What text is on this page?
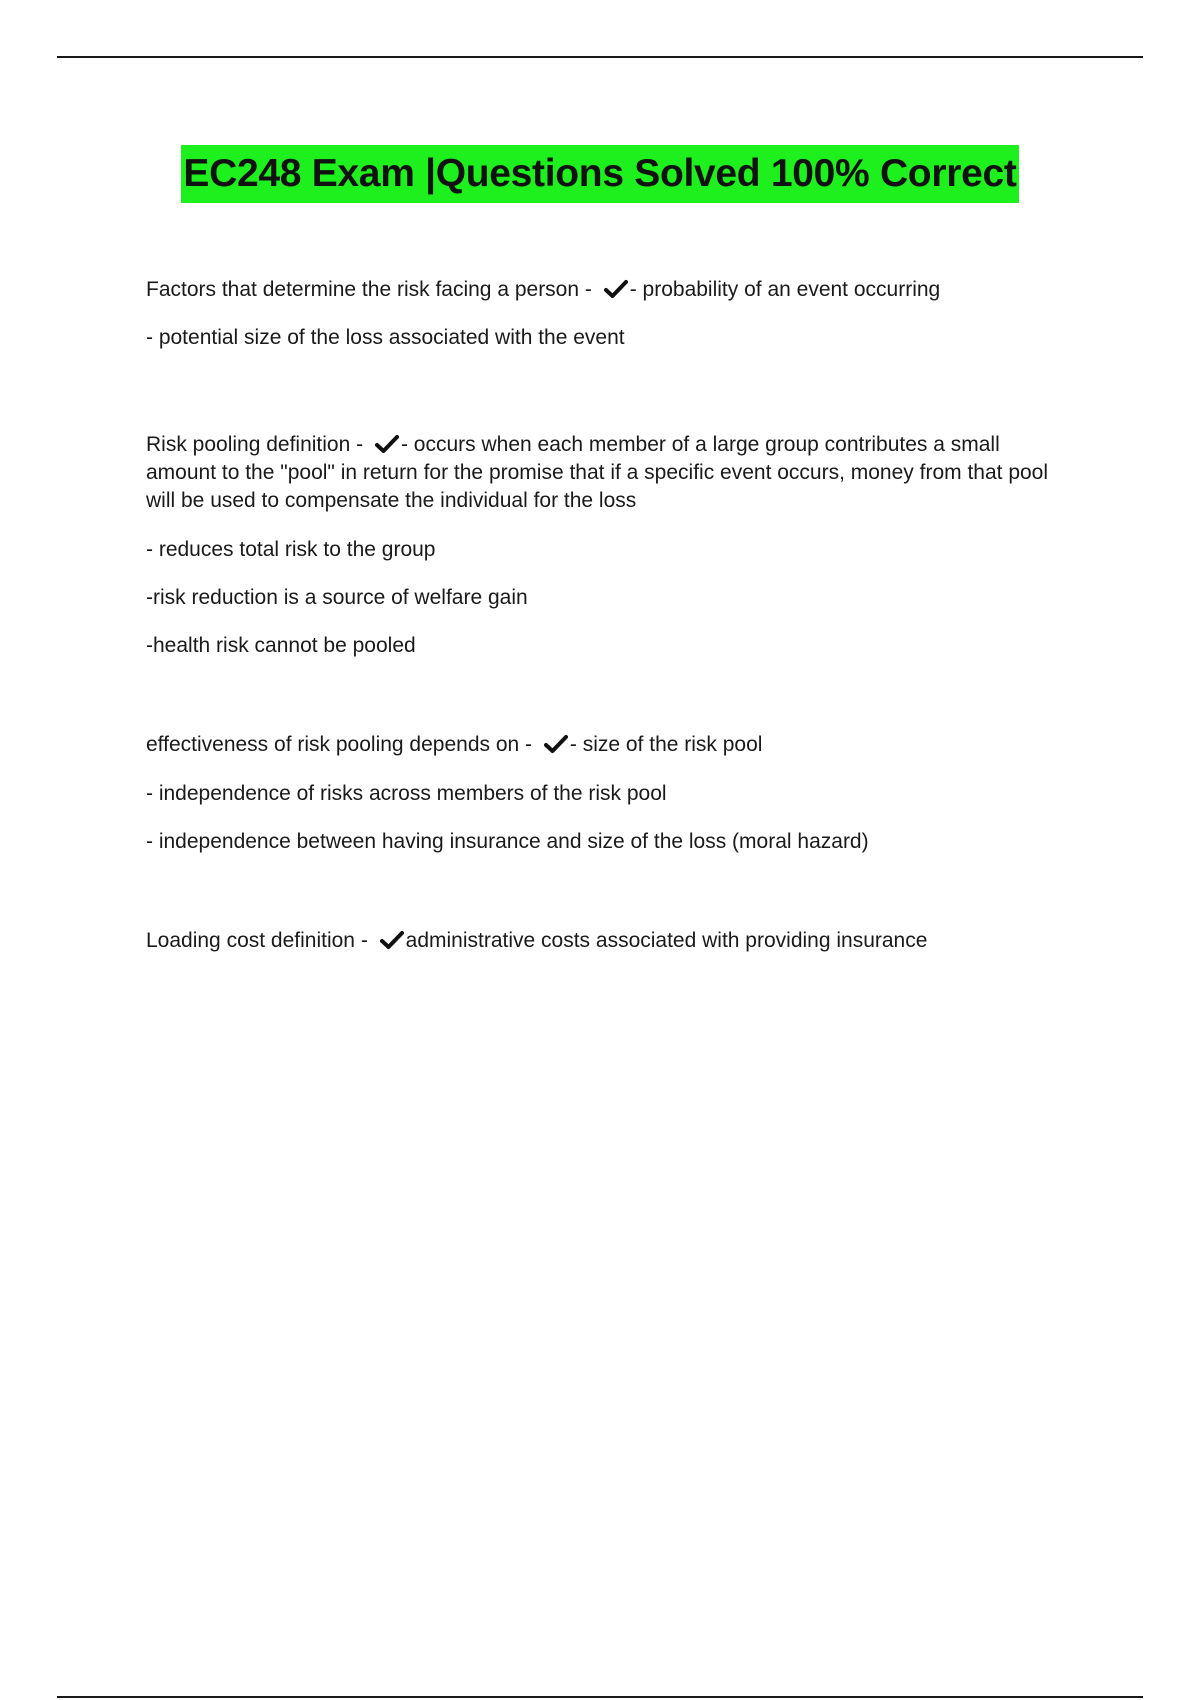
EC248 Exam |Questions Solved 100% Correct
Factors that determine the risk facing a person - - probability of an event occurring
- potential size of the loss associated with the event
Risk pooling definition - - occurs when each member of a large group contributes a small amount to the "pool" in return for the promise that if a specific event occurs, money from that pool will be used to compensate the individual for the loss
- reduces total risk to the group
-risk reduction is a source of welfare gain
-health risk cannot be pooled
effectiveness of risk pooling depends on - - size of the risk pool
- independence of risks across members of the risk pool
- independence between having insurance and size of the loss (moral hazard)
Loading cost definition - administrative costs associated with providing insurance
